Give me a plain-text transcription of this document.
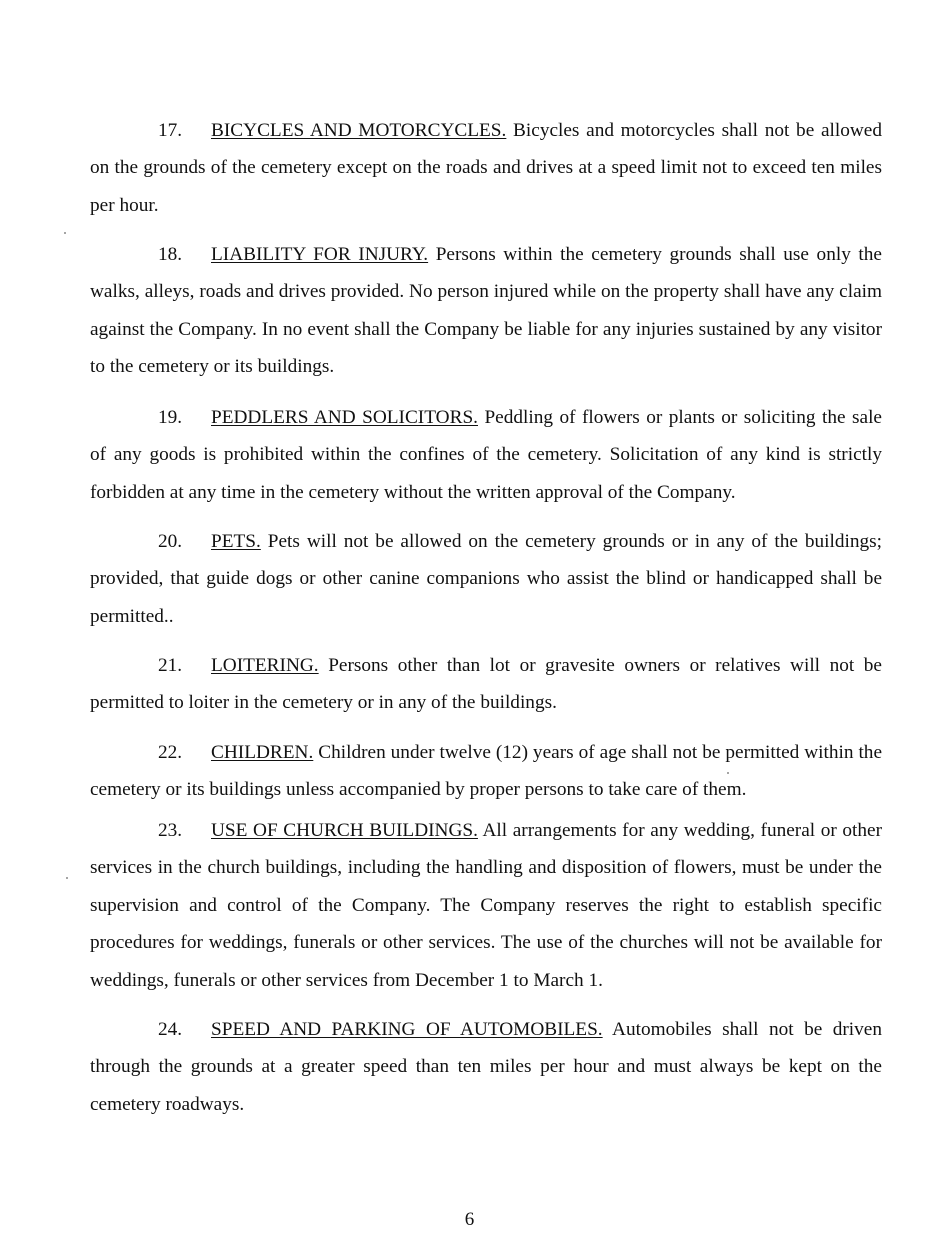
17. BICYCLES AND MOTORCYCLES. Bicycles and motorcycles shall not be allowed on the grounds of the cemetery except on the roads and drives at a speed limit not to exceed ten miles per hour.

18. LIABILITY FOR INJURY. Persons within the cemetery grounds shall use only the walks, alleys, roads and drives provided. No person injured while on the property shall have any claim against the Company. In no event shall the Company be liable for any injuries sustained by any visitor to the cemetery or its buildings.

19. PEDDLERS AND SOLICITORS. Peddling of flowers or plants or soliciting the sale of any goods is prohibited within the confines of the cemetery. Solicitation of any kind is strictly forbidden at any time in the cemetery without the written approval of the Company.

20. PETS. Pets will not be allowed on the cemetery grounds or in any of the buildings; provided, that guide dogs or other canine companions who assist the blind or handicapped shall be permitted..

21. LOITERING. Persons other than lot or gravesite owners or relatives will not be permitted to loiter in the cemetery or in any of the buildings.

22. CHILDREN. Children under twelve (12) years of age shall not be permitted within the cemetery or its buildings unless accompanied by proper persons to take care of them.

23. USE OF CHURCH BUILDINGS. All arrangements for any wedding, funeral or other services in the church buildings, including the handling and disposition of flowers, must be under the supervision and control of the Company. The Company reserves the right to establish specific procedures for weddings, funerals or other services. The use of the churches will not be available for weddings, funerals or other services from December 1 to March 1.

24. SPEED AND PARKING OF AUTOMOBILES. Automobiles shall not be driven through the grounds at a greater speed than ten miles per hour and must always be kept on the cemetery roadways.

6
